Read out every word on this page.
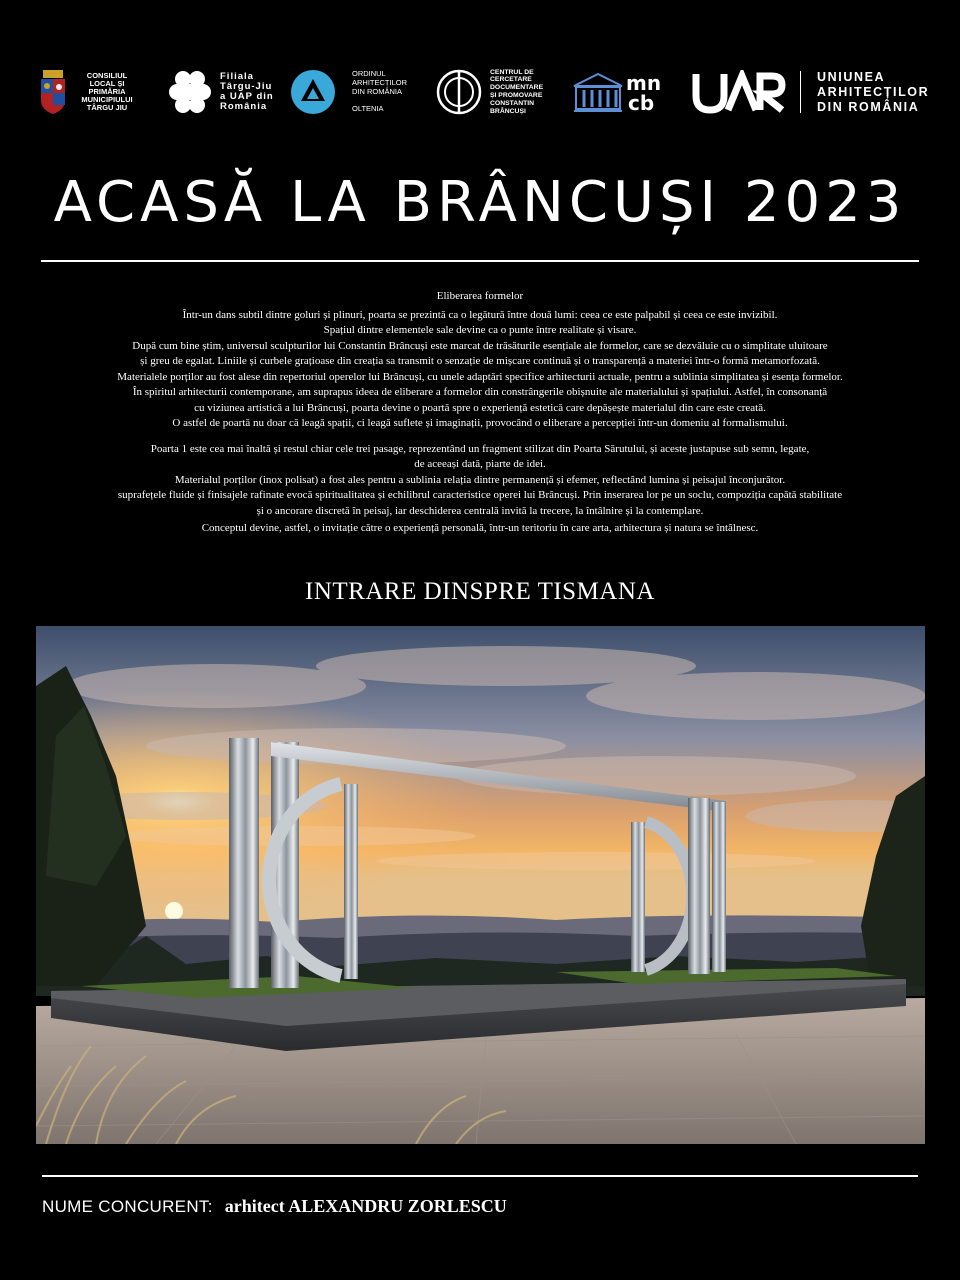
CONSILIUL
LOCAL ȘI
PRIMĂRIA
MUNICIPIULUI
TÂRGU JIU
Filiala
Târgu-Jiu
a UAP din
România
ORDINUL
ARHITECȚILOR
DIN ROMÂNIA
OLTENIA
CENTRUL DE
CERCETARE
DOCUMENTARE
ȘI PROMOVARE
CONSTANTIN
BRÂNCUȘI
mn
cb
UNIUNEA
ARHITECȚILOR
DIN ROMÂNIA
ACASĂ LA BRÂNCUȘI 2023

Eliberarea formelor

Într-un dans subtil dintre goluri și plinuri, poarta se prezintă ca o legătură între două lumi: ceea ce este palpabil și ceea ce este invizibil.

Spațiul dintre elementele sale devine ca o punte între realitate și visare.

După cum bine știm, universul sculpturilor lui Constantin Brâncuși este marcat de trăsăturile esențiale ale formelor, care se dezvăluie cu o simplitate uluitoare

și greu de egalat. Liniile și curbele grațioase din creația sa transmit o senzație de mișcare continuă și o transparență a materiei într-o formă metamorfozată.

Materialele porților au fost alese din repertoriul operelor lui Brâncuși, cu unele adaptări specifice arhitecturii actuale, pentru a sublinia simplitatea și esența formelor.

În spiritul arhitecturii contemporane, am suprapus ideea de eliberare a formelor din constrângerile obișnuite ale materialului și spațiului. Astfel, în consonanță

cu viziunea artistică a lui Brâncuși, poarta devine o poartă spre o experiență estetică care depășește materialul din care este creată.

O astfel de poartă nu doar că leagă spații, ci leagă suflete și imaginații, provocând o eliberare a percepției într-un domeniu al formalismului.

Poarta 1 este cea mai înaltă și restul chiar cele trei pasage, reprezentând un fragment stilizat din Poarta Sărutului, și aceste justapuse sub semn, legate,

de aceeași dată, piarte de idei.

Materialul porților (inox polisat) a fost ales pentru a sublinia relația dintre permanență și efemer, reflectând lumina și peisajul înconjurător.

suprafețele fluide și finisajele rafinate evocă spiritualitatea și echilibrul caracteristice operei lui Brâncuși. Prin inserarea lor pe un soclu, compoziția capătă stabilitate

și o ancorare discretă în peisaj, iar deschiderea centrală invită la trecere, la întâlnire și la contemplare.

Conceptul devine, astfel, o invitație către o experiență personală, într-un teritoriu în care arta, arhitectura și natura se întâlnesc.

INTRARE DINSPRE TISMANA
NUME CONCURENT: arhitect ALEXANDRU ZORLESCU
